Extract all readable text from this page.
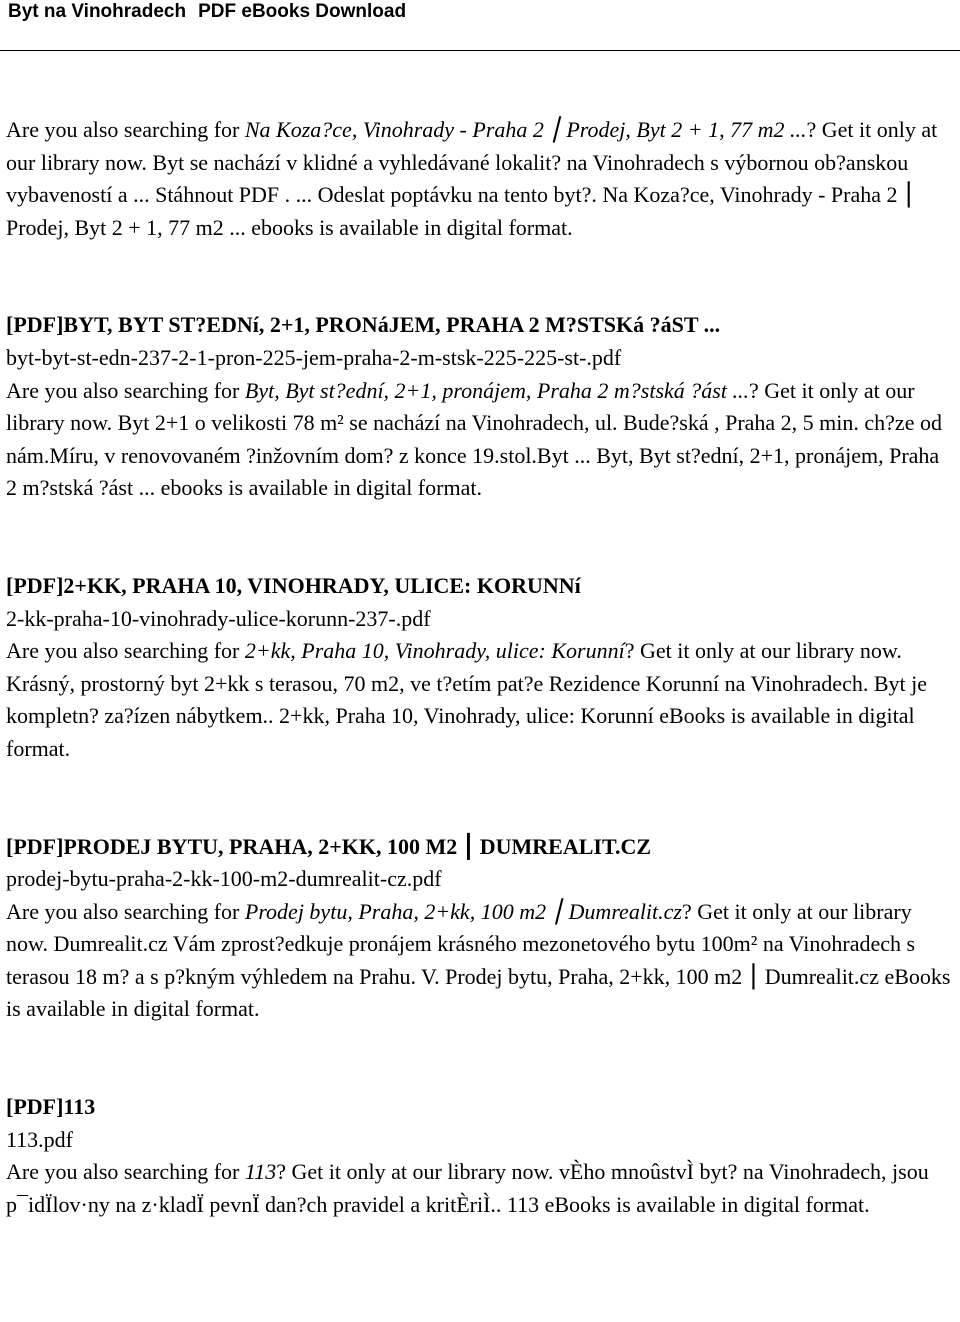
Byt na Vinohradech PDF eBooks Download

Are you also searching for Na Koza?ce, Vinohrady - Praha 2 ⎮ Prodej, Byt 2 + 1, 77 m2 ...? Get it only at our library now. Byt se nachází v klidné a vyhledávané lokalit? na Vinohradech s výbornou ob?anskou vybaveností a ... Stáhnout PDF . ... Odeslat poptávku na tento byt?. Na Koza?ce, Vinohrady - Praha 2 ⎮ Prodej, Byt 2 + 1, 77 m2 ... ebooks is available in digital format.

[PDF]BYT, BYT ST?EDNí, 2+1, PRONáJEM, PRAHA 2 M?STSKá ?áST ...
byt-byt-st-edn-237-2-1-pron-225-jem-praha-2-m-stsk-225-225-st-.pdf

Are you also searching for Byt, Byt st?ední, 2+1, pronájem, Praha 2 m?stská ?ást ...? Get it only at our library now. Byt 2+1 o velikosti 78 m² se nachází na Vinohradech, ul. Bude?ská , Praha 2, 5 min. ch?ze od nám.Míru, v renovovaném ?inžovním dom? z konce 19.stol.Byt ... Byt, Byt st?ední, 2+1, pronájem, Praha 2 m?stská ?ást ... ebooks is available in digital format.

[PDF]2+KK, PRAHA 10, VINOHRADY, ULICE: KORUNNí
2-kk-praha-10-vinohrady-ulice-korunn-237-.pdf

Are you also searching for 2+kk, Praha 10, Vinohrady, ulice: Korunní? Get it only at our library now. Krásný, prostorný byt 2+kk s terasou, 70 m2, ve t?etím pat?e Rezidence Korunní na Vinohradech. Byt je kompletn? za?ízen nábytkem.. 2+kk, Praha 10, Vinohrady, ulice: Korunní eBooks is available in digital format.

[PDF]PRODEJ BYTU, PRAHA, 2+KK, 100 M2 ⎮ DUMREALIT.CZ
prodej-bytu-praha-2-kk-100-m2-dumrealit-cz.pdf

Are you also searching for Prodej bytu, Praha, 2+kk, 100 m2 ⎮ Dumrealit.cz? Get it only at our library now. Dumrealit.cz Vám zprost?edkuje pronájem krásného mezonetového bytu 100m² na Vinohradech s terasou 18 m? a s p?kným výhledem na Prahu. V. Prodej bytu, Praha, 2+kk, 100 m2 ⎮ Dumrealit.cz eBooks is available in digital format.

[PDF]113
113.pdf

Are you also searching for 113? Get it only at our library now. vÈho mnoûstvÌ byt? na Vinohradech, jsou p¯idÏlov·ny na z·kladÏ pevnÏ dan?ch pravidel a kritÈriÌ.. 113 eBooks is available in digital format.
